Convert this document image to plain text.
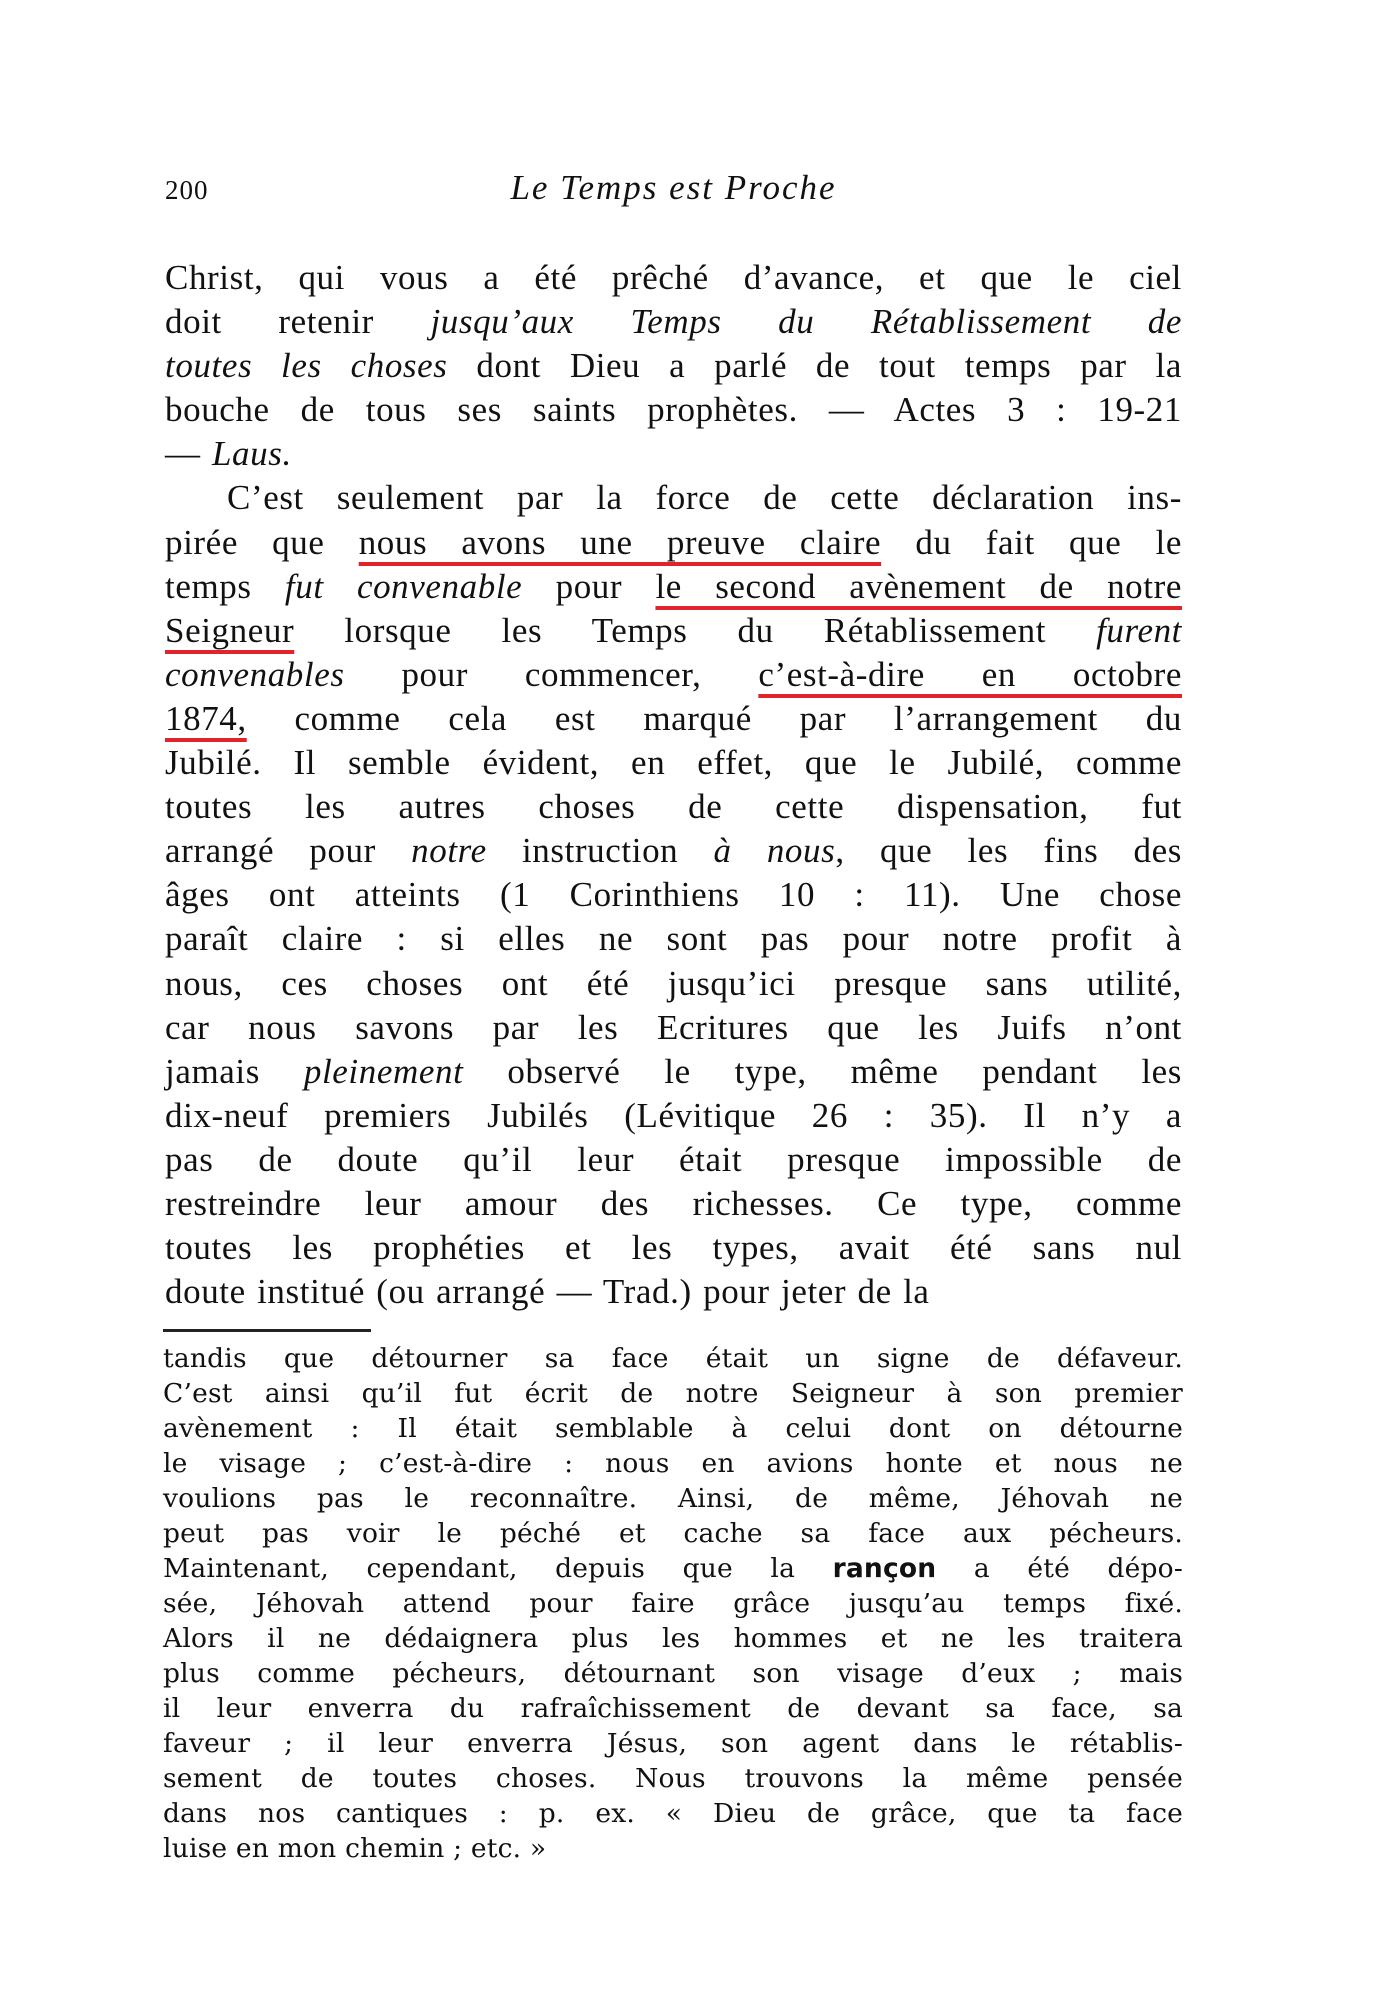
200	Le Temps est Proche
Christ, qui vous a été prêché d’avance, et que le ciel
doit retenir jusqu’aux Temps du Rétablissement de
toutes les choses dont Dieu a parlé de tout temps par la
bouche de tous ses saints prophètes. — Actes 3 : 19-21
— Laus.
C’est seulement par la force de cette déclaration ins-
pirée que nous avons une preuve claire du fait que le
temps fut convenable pour le second avènement de notre
Seigneur lorsque les Temps du Rétablissement furent
convenables pour commencer, c’est-à-dire en octobre
1874, comme cela est marqué par l’arrangement du
Jubilé. Il semble évident, en effet, que le Jubilé, comme
toutes les autres choses de cette dispensation, fut
arrangé pour notre instruction à nous, que les fins des
âges ont atteints (1 Corinthiens 10 : 11). Une chose
paraît claire : si elles ne sont pas pour notre profit à
nous, ces choses ont été jusqu’ici presque sans utilité,
car nous savons par les Ecritures que les Juifs n’ont
jamais pleinement observé le type, même pendant les
dix-neuf premiers Jubilés (Lévitique 26 : 35). Il n’y a
pas de doute qu’il leur était presque impossible de
restreindre leur amour des richesses. Ce type, comme
toutes les prophéties et les types, avait été sans nul
doute institué (ou arrangé — Trad.) pour jeter de la
tandis que détourner sa face était un signe de défaveur.
C’est ainsi qu’il fut écrit de notre Seigneur à son premier
avènement : Il était semblable à celui dont on détourne
le visage ; c’est-à-dire : nous en avions honte et nous ne
voulions pas le reconnaître. Ainsi, de même, Jéhovah ne
peut pas voir le péché et cache sa face aux pécheurs.
Maintenant, cependant, depuis que la rançon a été dépo-
sée, Jéhovah attend pour faire grâce jusqu’au temps fixé.
Alors il ne dédaignera plus les hommes et ne les traitera
plus comme pécheurs, détournant son visage d’eux ; mais
il leur enverra du rafraîchissement de devant sa face, sa
faveur ; il leur enverra Jésus, son agent dans le rétablis-
sement de toutes choses. Nous trouvons la même pensée
dans nos cantiques : p. ex. « Dieu de grâce, que ta face
luise en mon chemin ; etc. »
